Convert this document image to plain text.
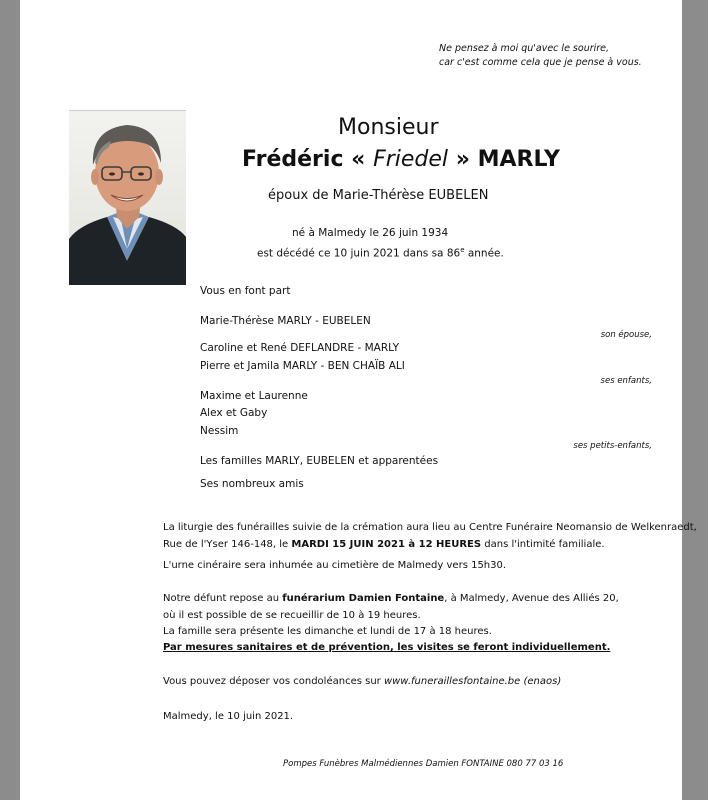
Ne pensez à moi qu'avec le sourire,
car c'est comme cela que je pense à vous.
Monsieur
Frédéric « Friedel » MARLY
époux de Marie-Thérèse EUBELEN
né à Malmedy le 26 juin 1934
est décédé ce 10 juin 2021 dans sa 86e année.
Vous en font part
Marie-Thérèse MARLY - EUBELEN
son épouse,
Caroline et René DEFLANDRE - MARLY
Pierre et Jamila MARLY - BEN CHAÏB ALI
ses enfants,
Maxime et Laurenne
Alex et Gaby
Nessim
ses petits-enfants,
Les familles MARLY, EUBELEN et apparentées
Ses nombreux amis
La liturgie des funérailles suivie de la crémation aura lieu au Centre Funéraire Neomansio de Welkenraedt,
Rue de l'Yser 146-148, le MARDI 15 JUIN 2021 à 12 HEURES dans l'intimité familiale.
L'urne cinéraire sera inhumée au cimetière de Malmedy vers 15h30.
Notre défunt repose au funérarium Damien Fontaine, à Malmedy, Avenue des Alliés 20,
où il est possible de se recueillir de 10 à 19 heures.
La famille sera présente les dimanche et lundi de 17 à 18 heures.
Par mesures sanitaires et de prévention, les visites se feront individuellement.
Vous pouvez déposer vos condoléances sur www.funeraillesfontaine.be (enaos)
Malmedy, le 10 juin 2021.
Pompes Funèbres Malmédiennes Damien FONTAINE 080 77 03 16
